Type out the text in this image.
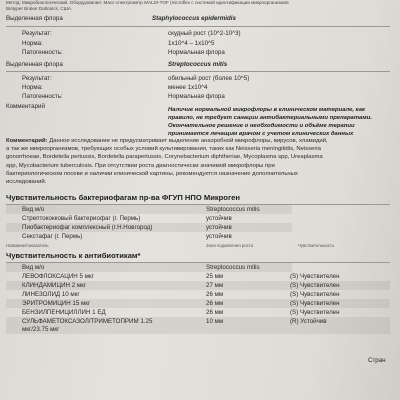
Метод: Микробиологический. Оборудование: Масс-спектрометр MALDI-TOF (microflex с системой идентификации микроорганизмов
Biotyper Bruker Daltonics, США.
Выделенная флора	Staphylococcus epidermidis
Результат:	скудный рост (10^2-10^3)
Норма:	1х10^4 – 1х10^5
Патогенность:	Нормальная флора
Выделенная флора	Streptococcus mitis
Результат:	обильный рост (более 10^5)
Норма:	менее 1х10^4
Патогенность:	Нормальная флора
Комментарий	Наличие нормальной микрофлоры в клиническом материале, как
правило, не требует санации антибактериальными препаратами.
Окончательное решение о необходимости и объёме терапии
принимается лечащим врачом с учетом клинических данных
Комментарий: Данное исследование не предусматривает выделение анаэробной микрофлоры, вирусов, хламидий,
а так же микроорганизмов, требующих особых условий культивирования, таких как Neisseria meningitidis, Neisseria
gonorrhoeae, Bordetella pertussis, Bordetella parapertussis, Corynebacterium diphtheriae, Mycoplasma spp, Ureaplasma
spp, Mycobacterium tuberculosis. При отсутствии роста диагностически значимой микрофлоры при
бактериологическом посеве и наличии клинической картины, рекомендуется назначение дополнительных
исследований.
Чувствительность бактериофагам пр-ва ФГУП НПО Микроген
Вид м/о	Streptococcus mitis
Стрептококковый бактериофаг (г. Пермь)	устойчив
Пиобактериофаг комплексный (г.Н.Новгород)	устойчив
Секстафаг (г. Пермь)	устойчив
Название/показатель	Зона подавления роста	Чувствительность
Чувствительность к антибиотикам*
Вид м/о	Streptococcus mitis
ЛЕВОФЛОКСАЦИН 5 мкг	25 мм	(S) Чувствителен
КЛИНДАМИЦИН 2 мкг	27 мм	(S) Чувствителен
ЛИНЕЗОЛИД 10 мкг	26 мм	(S) Чувствителен
ЭРИТРОМИЦИН 15 мкг	26 мм	(S) Чувствителен
БЕНЗИЛПЕНИЦИЛЛИН 1 ЕД	26 мм	(S) Чувствителен
СУЛЬФАМЕТОКСАЗОЛ/ТРИМЕТОПРИМ 1.25	10 мм	(R) Устойчив
мкг/23.75 мкг
Стран
